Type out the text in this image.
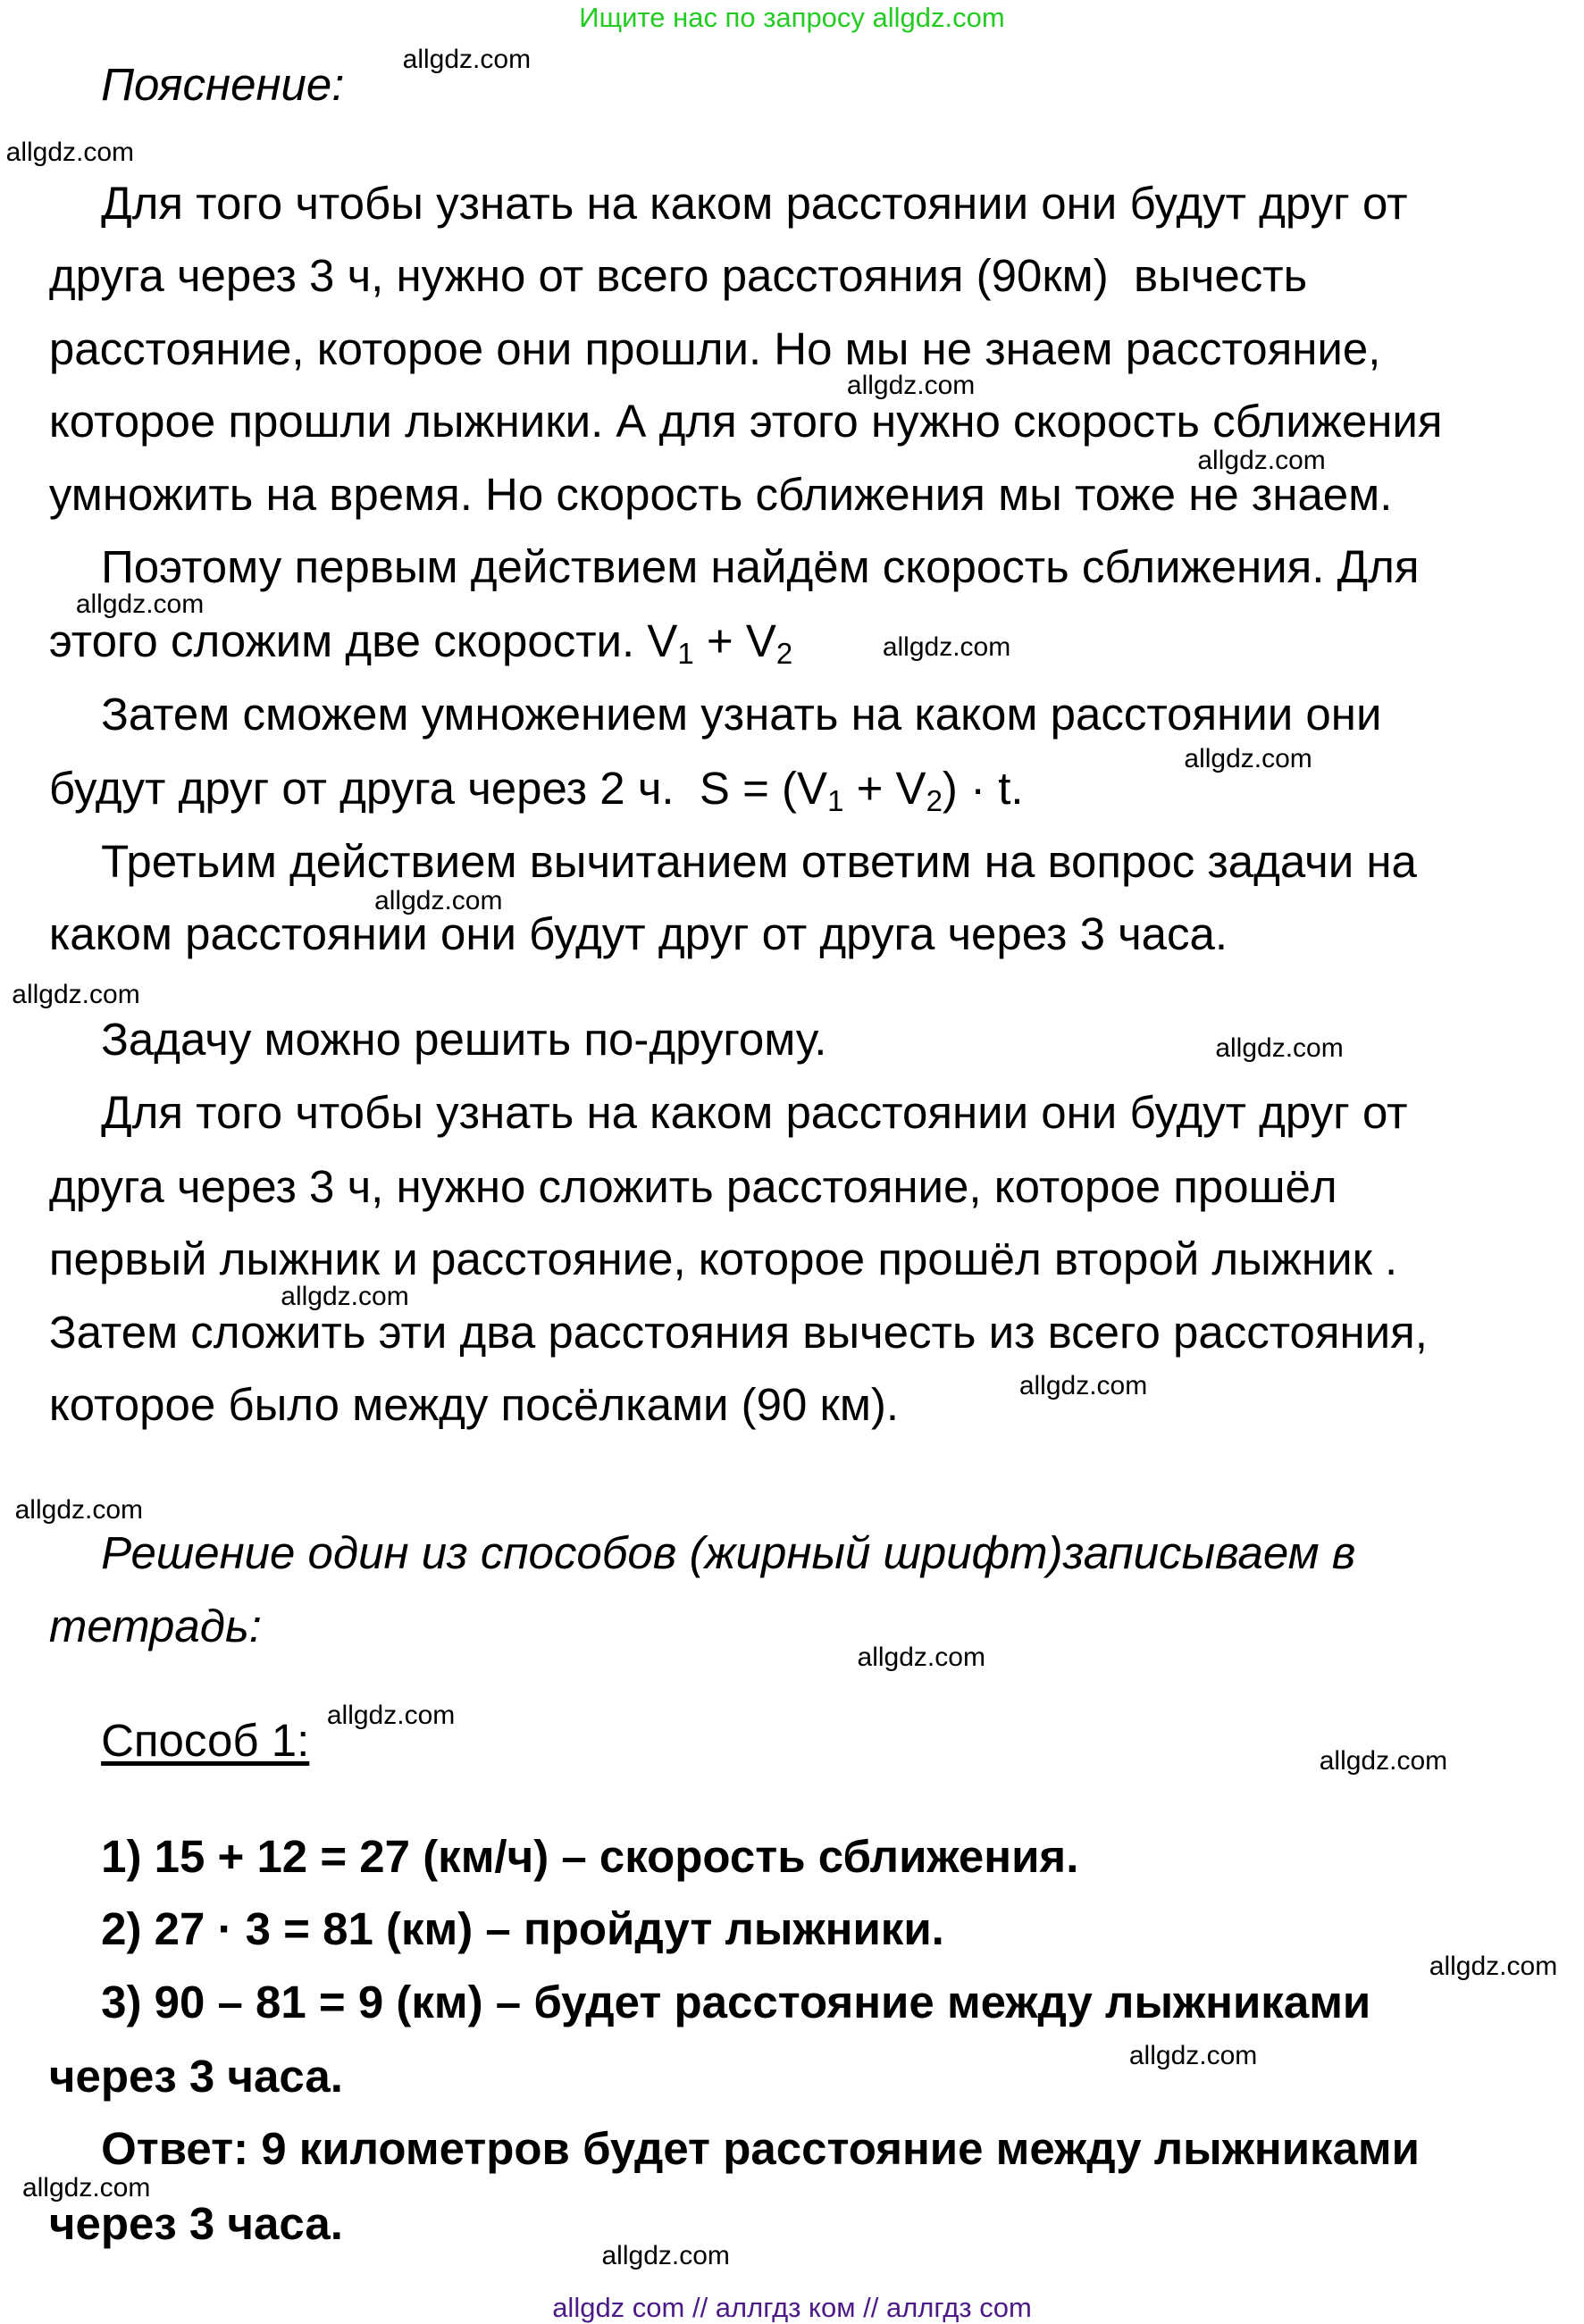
Ищите нас по запросу allgdz.com
Пояснение:
Для того чтобы узнать на каком расстоянии они будут друг от
друга через 3 ч, нужно от всего расстояния (90км)  вычесть
расстояние, которое они прошли. Но мы не знаем расстояние,
которое прошли лыжники. А для этого нужно скорость сближения
умножить на время. Но скорость сближения мы тоже не знаем.
Поэтому первым действием найдём скорость сближения. Для
этого сложим две скорости. $V_1 + V_2$
Затем сможем умножением узнать на каком расстоянии они
будут друг от друга через 2 ч.  $S = (V_1 + V_2) \cdot t$.
Третьим действием вычитанием ответим на вопрос задачи на
каком расстоянии они будут друг от друга через 3 часа.
Задачу можно решить по-другому.
Для того чтобы узнать на каком расстоянии они будут друг от
друга через 3 ч, нужно сложить расстояние, которое прошёл
первый лыжник и расстояние, которое прошёл второй лыжник .
Затем сложить эти два расстояния вычесть из всего расстояния,
которое было между посёлками (90 км).
Решение один из способов (жирный шрифт)записываем в
тетрадь:
Способ 1:
1) 15 + 12 = 27 (км/ч) – скорость сближения.
2) 27 · 3 = 81 (км) – пройдут лыжники.
3) 90 – 81 = 9 (км) – будет расстояние между лыжниками
через 3 часа.
Ответ: 9 километров будет расстояние между лыжниками
через 3 часа.
allgdz.com
allgdz.com
allgdz.com
allgdz.com
allgdz.com
allgdz.com
allgdz.com
allgdz.com
allgdz.com
allgdz.com
allgdz.com
allgdz.com
allgdz.com
allgdz.com
allgdz.com
allgdz.com
allgdz.com
allgdz.com
allgdz.com
allgdz.com
allgdz com // аллгдз ком // аллгдз com
